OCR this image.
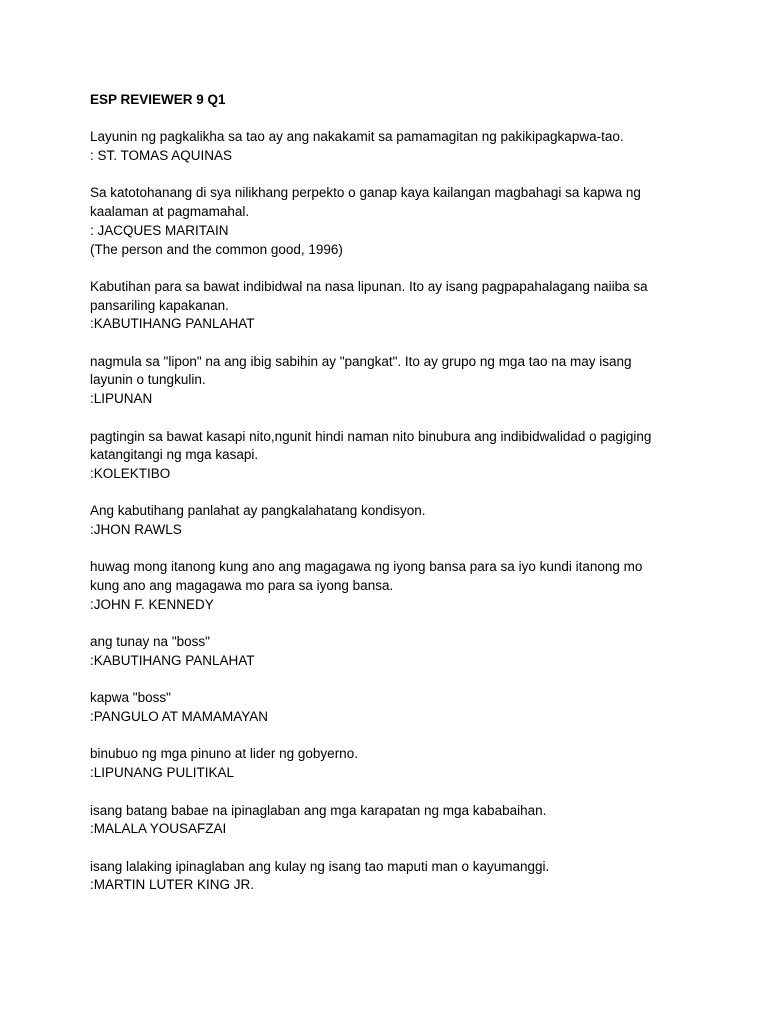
ESP REVIEWER 9 Q1
Layunin ng pagkalikha sa tao ay ang nakakamit sa pamamagitan ng pakikipagkapwa-tao.
: ST. TOMAS AQUINAS
Sa katotohanang di sya nilikhang perpekto o ganap kaya kailangan magbahagi sa kapwa ng
kaalaman at pagmamahal.
: JACQUES MARITAIN
(The person and the common good, 1996)
Kabutihan para sa bawat indibidwal na nasa lipunan. Ito ay isang pagpapahalagang naiiba sa
pansariling kapakanan.
:KABUTIHANG PANLAHAT
nagmula sa "lipon" na ang ibig sabihin ay "pangkat". Ito ay grupo ng mga tao na may isang
layunin o tungkulin.
:LIPUNAN
pagtingin sa bawat kasapi nito,ngunit hindi naman nito binubura ang indibidwalidad o pagiging
katangitangi ng mga kasapi.
:KOLEKTIBO
Ang kabutihang panlahat ay pangkalahatang kondisyon.
:JHON RAWLS
huwag mong itanong kung ano ang magagawa ng iyong bansa para sa iyo kundi itanong mo
kung ano ang magagawa mo para sa iyong bansa.
:JOHN F. KENNEDY
ang tunay na "boss"
:KABUTIHANG PANLAHAT
kapwa "boss"
:PANGULO AT MAMAMAYAN
binubuo ng mga pinuno at lider ng gobyerno.
:LIPUNANG PULITIKAL
isang batang babae na ipinaglaban ang mga karapatan ng mga kababaihan.
:MALALA YOUSAFZAI
isang lalaking ipinaglaban ang kulay ng isang tao maputi man o kayumanggi.
:MARTIN LUTER KING JR.
